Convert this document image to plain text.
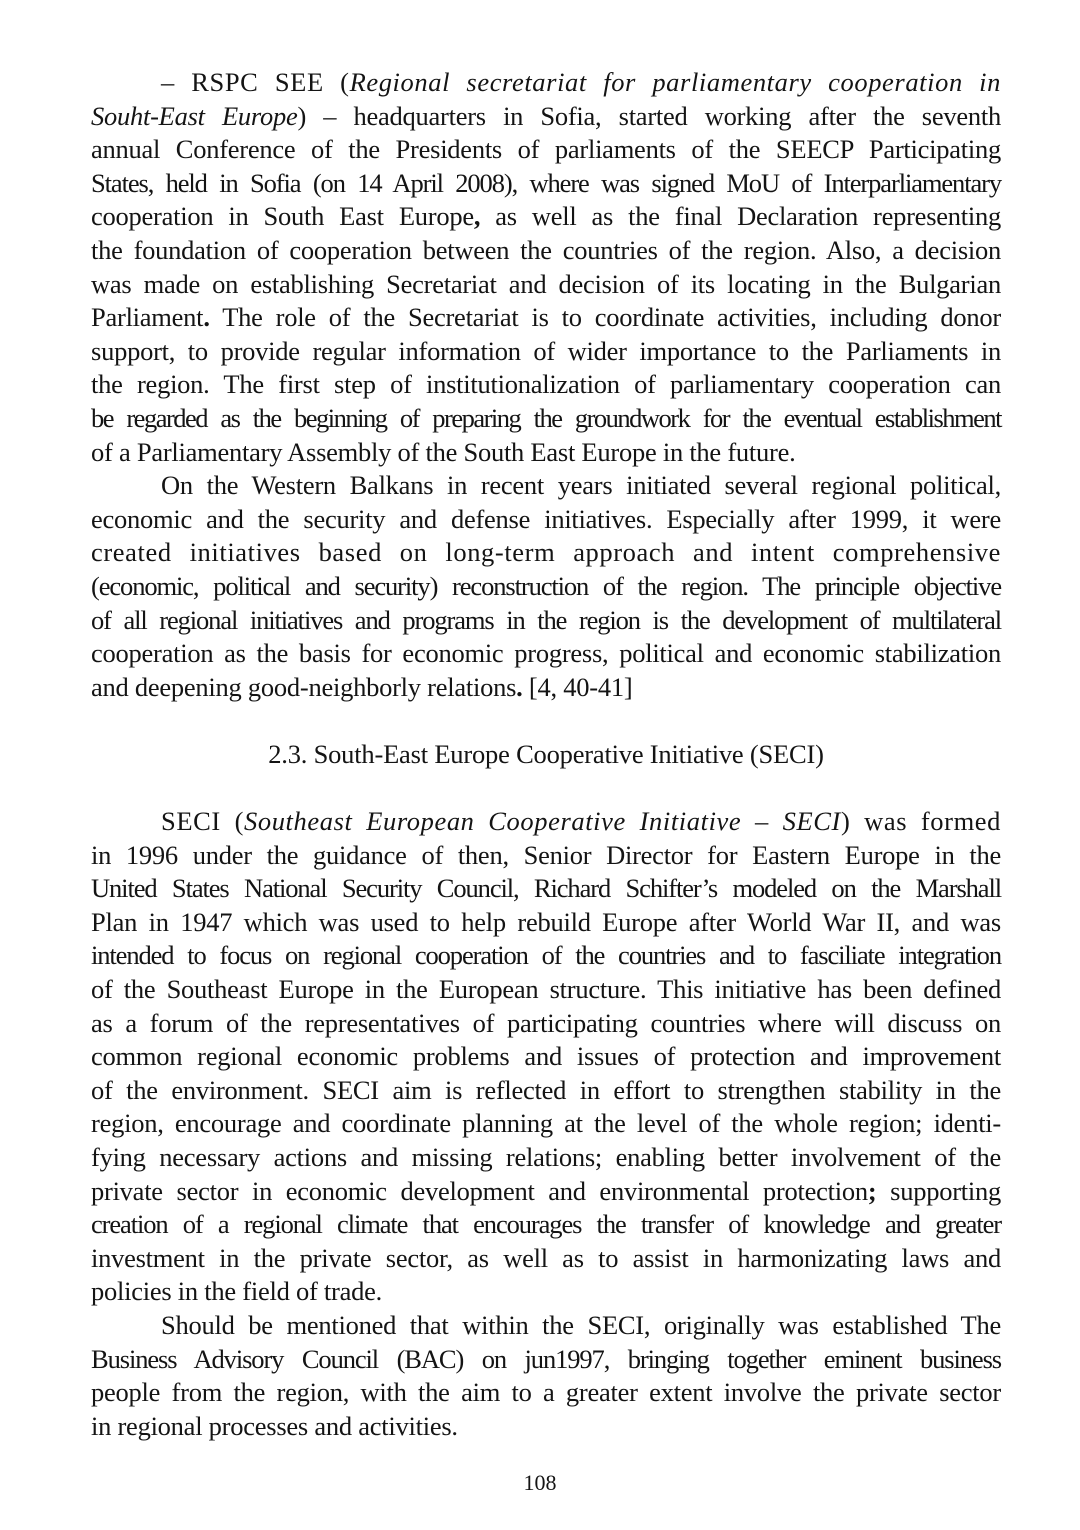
– RSPC SEE (Regional secretariat for parliamentary cooperation in
Souht-East Europe) – headquarters in Sofia, started working after the seventh
annual Conference of the Presidents of parliaments of the SEECP Participating
States, held in Sofia (on 14 April 2008), where was signed MoU of Interparliamentary
cooperation in South East Europe, as well as the final Declaration representing
the foundation of cooperation between the countries of the region. Also, a decision
was made on establishing Secretariat and decision of its locating in the Bulgarian
Parliament. The role of the Secretariat is to coordinate activities, including donor
support, to provide regular information of wider importance to the Parliaments in
the region. The first step of institutionalization of parliamentary cooperation can
be regarded as the beginning of preparing the groundwork for the eventual establishment
of a Parliamentary Assembly of the South East Europe in the future.
On the Western Balkans in recent years initiated several regional political,
economic and the security and defense initiatives. Especially after 1999, it were
created initiatives based on long-term approach and intent comprehensive
(economic, political and security) reconstruction of the region. The principle objective
of all regional initiatives and programs in the region is the development of multilateral
cooperation as the basis for economic progress, political and economic stabilization
and deepening good-neighborly relations. [4, 40-41]
2.3. South-East Europe Cooperative Initiative (SECI)
SECI (Southeast European Cooperative Initiative – SECI) was formed
in 1996 under the guidance of then, Senior Director for Eastern Europe in the
United States National Security Council, Richard Schifter’s modeled on the Marshall
Plan in 1947 which was used to help rebuild Europe after World War II, and was
intended to focus on regional cooperation of the countries and to fasciliate integration
of the Southeast Europe in the European structure. This initiative has been defined
as a forum of the representatives of participating countries where will discuss on
common regional economic problems and issues of protection and improvement
of the environment. SECI aim is reflected in effort to strengthen stability in the
region, encourage and coordinate planning at the level of the whole region; identi-
fying necessary actions and missing relations; enabling better involvement of the
private sector in economic development and environmental protection; supporting
creation of a regional climate that encourages the transfer of knowledge and greater
investment in the private sector, as well as to assist in harmonizating laws and
policies in the field of trade.
Should be mentioned that within the SECI, originally was established The
Business Advisory Council (BAC) on jun1997, bringing together eminent business
people from the region, with the aim to a greater extent involve the private sector
in regional processes and activities.
108
